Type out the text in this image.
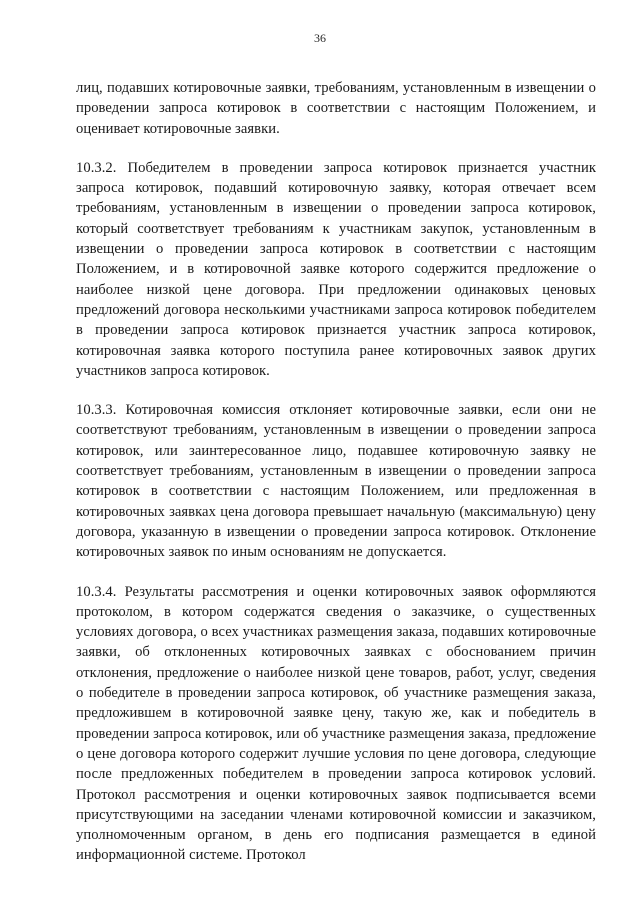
36

лиц, подавших котировочные заявки, требованиям, установленным в извещении о проведении запроса котировок в соответствии с настоящим Положением, и оценивает котировочные заявки.

10.3.2. Победителем в проведении запроса котировок признается участник запроса котировок, подавший котировочную заявку, которая отвечает всем требованиям, установленным в извещении о проведении запроса котировок, который соответствует требованиям к участникам закупок, установленным в извещении о проведении запроса котировок в соответствии с настоящим Положением, и в котировочной заявке которого содержится предложение о наиболее низкой цене договора. При предложении одинаковых ценовых предложений договора несколькими участниками запроса котировок победителем в проведении запроса котировок признается участник запроса котировок, котировочная заявка которого поступила ранее котировочных заявок других участников запроса котировок.

10.3.3. Котировочная комиссия отклоняет котировочные заявки, если они не соответствуют требованиям, установленным в извещении о проведении запроса котировок, или заинтересованное лицо, подавшее котировочную заявку не соответствует требованиям, установленным в извещении о проведении запроса котировок в соответствии с настоящим Положением, или предложенная в котировочных заявках цена договора превышает начальную (максимальную) цену договора, указанную в извещении о проведении запроса котировок. Отклонение котировочных заявок по иным основаниям не допускается.

10.3.4. Результаты рассмотрения и оценки котировочных заявок оформляются протоколом, в котором содержатся сведения о заказчике, о существенных условиях договора, о всех участниках размещения заказа, подавших котировочные заявки, об отклоненных котировочных заявках с обоснованием причин отклонения, предложение о наиболее низкой цене товаров, работ, услуг, сведения о победителе в проведении запроса котировок, об участнике размещения заказа, предложившем в котировочной заявке цену, такую же, как и победитель в проведении запроса котировок, или об участнике размещения заказа, предложение о цене договора которого содержит лучшие условия по цене договора, следующие после предложенных победителем в проведении запроса котировок условий. Протокол рассмотрения и оценки котировочных заявок подписывается всеми присутствующими на заседании членами котировочной комиссии и заказчиком, уполномоченным органом, в день его подписания размещается в единой информационной системе. Протокол
